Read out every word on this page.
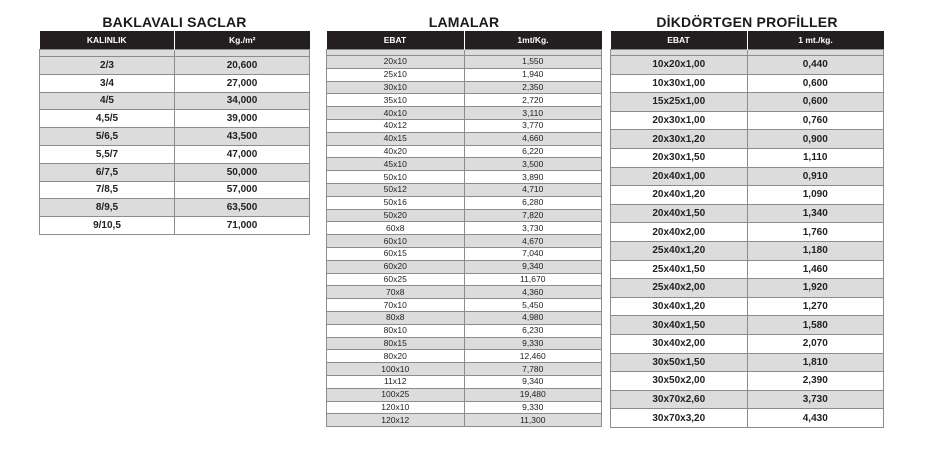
BAKLAVALI SACLAR
KALINLIK	Kg./m²

2/3	20,600
3/4	27,000
4/5	34,000
4,5/5	39,000
5/6,5	43,500
5,5/7	47,000
6/7,5	50,000
7/8,5	57,000
8/9,5	63,500
9/10,5	71,000
LAMALAR
EBAT	1mt/Kg.

20x10	1,550
25x10	1,940
30x10	2,350
35x10	2,720
40x10	3,110
40x12	3,770
40x15	4,660
40x20	6,220
45x10	3,500
50x10	3,890
50x12	4,710
50x16	6,280
50x20	7,820
60x8	3,730
60x10	4,670
60x15	7,040
60x20	9,340
60x25	11,670
70x8	4,360
70x10	5,450
80x8	4,980
80x10	6,230
80x15	9,330
80x20	12,460
100x10	7,780
11x12	9,340
100x25	19,480
120x10	9,330
120x12	11,300
DİKDÖRTGEN PROFİLLER
EBAT	1 mt./kg.

10x20x1,00	0,440
10x30x1,00	0,600
15x25x1,00	0,600
20x30x1,00	0,760
20x30x1,20	0,900
20x30x1,50	1,110
20x40x1,00	0,910
20x40x1,20	1,090
20x40x1,50	1,340
20x40x2,00	1,760
25x40x1,20	1,180
25x40x1,50	1,460
25x40x2,00	1,920
30x40x1,20	1,270
30x40x1,50	1,580
30x40x2,00	2,070
30x50x1,50	1,810
30x50x2,00	2,390
30x70x2,60	3,730
30x70x3,20	4,430
